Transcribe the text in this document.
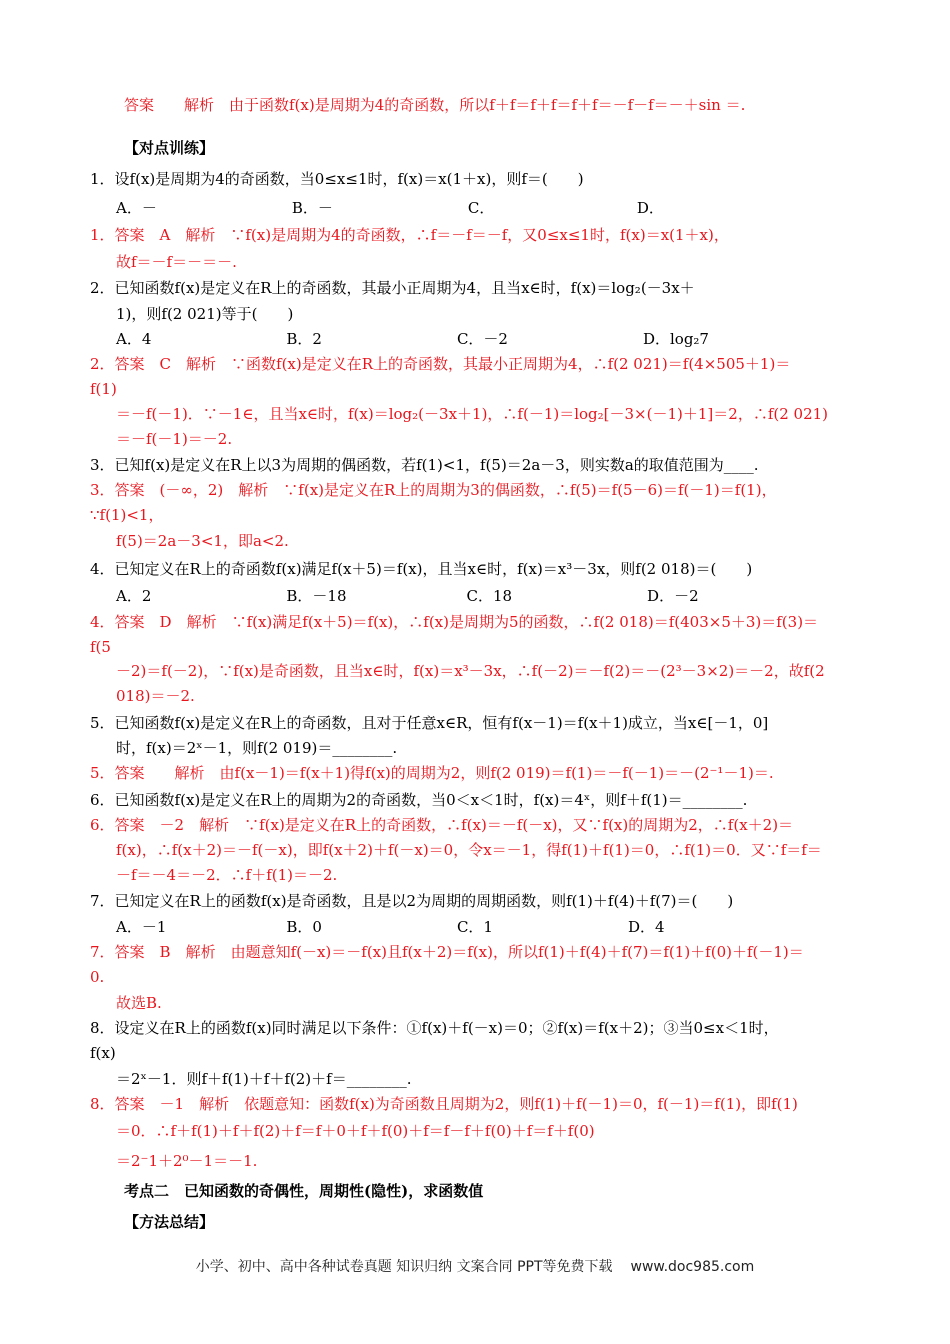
答案　　解析　由于函数f(x)是周期为4的奇函数，所以f＋f＝f＋f＝f＋f＝－f－f＝－＋sin ＝.
【对点训练】
1．设f(x)是周期为4的奇函数，当0≤x≤1时，f(x)＝x(1＋x)，则f＝(　　)
A．－　　　　　　　　　B．－　　　　　　　　　C．　　　　　　　　　　D．
1．答案　A　解析　∵f(x)是周期为4的奇函数，∴f＝－f＝－f，又0≤x≤1时，f(x)＝x(1＋x)，
故f＝－f＝－＝－.
2．已知函数f(x)是定义在R上的奇函数，其最小正周期为4，且当x∈时，f(x)＝log₂(－3x＋
1)，则f(2 021)等于(　　)
A．4　　　　　　　　　B．2　　　　　　　　　C．－2　　　　　　　　　D．log₂7
2．答案　C　解析　∵函数f(x)是定义在R上的奇函数，其最小正周期为4，∴f(2 021)＝f(4×505＋1)＝
f(1)
＝－f(－1)．∵－1∈，且当x∈时，f(x)＝log₂(－3x＋1)，∴f(－1)＝log₂[－3×(－1)＋1]＝2，∴f(2 021)
＝－f(－1)＝－2.
3．已知f(x)是定义在R上以3为周期的偶函数，若f(1)<1，f(5)＝2a－3，则实数a的取值范围为____.
3．答案　(－∞，2)　解析　∵f(x)是定义在R上的周期为3的偶函数，∴f(5)＝f(5－6)＝f(－1)＝f(1)，
∵f(1)<1，
f(5)＝2a－3<1，即a<2.
4．已知定义在R上的奇函数f(x)满足f(x＋5)＝f(x)，且当x∈时，f(x)＝x³－3x，则f(2 018)＝(　　)
A．2　　　　　　　　　B．－18　　　　　　　　C．18　　　　　　　　　D．－2
4．答案　D　解析　∵f(x)满足f(x＋5)＝f(x)，∴f(x)是周期为5的函数，∴f(2 018)＝f(403×5＋3)＝f(3)＝
f(5
－2)＝f(－2)，∵f(x)是奇函数，且当x∈时，f(x)＝x³－3x，∴f(－2)＝－f(2)＝－(2³－3×2)＝－2，故f(2
018)＝－2.
5．已知函数f(x)是定义在R上的奇函数，且对于任意x∈R，恒有f(x－1)＝f(x＋1)成立，当x∈[－1，0]
时，f(x)＝2ˣ－1，则f(2 019)＝________.
5．答案　　解析　由f(x－1)＝f(x＋1)得f(x)的周期为2，则f(2 019)＝f(1)＝－f(－1)＝－(2⁻¹－1)＝.
6．已知函数f(x)是定义在R上的周期为2的奇函数，当0＜x＜1时，f(x)＝4ˣ，则f＋f(1)＝________.
6．答案　－2　解析　∵f(x)是定义在R上的奇函数，∴f(x)＝－f(－x)，又∵f(x)的周期为2，∴f(x＋2)＝
f(x)，∴f(x＋2)＝－f(－x)，即f(x＋2)＋f(－x)＝0，令x＝－1，得f(1)＋f(1)＝0，∴f(1)＝0．又∵f＝f＝
－f＝－4＝－2．∴f＋f(1)＝－2.
7．已知定义在R上的函数f(x)是奇函数，且是以2为周期的周期函数，则f(1)＋f(4)＋f(7)＝(　　)
A．－1　　　　　　　　B．0　　　　　　　　　C．1　　　　　　　　　D．4
7．答案　B　解析　由题意知f(－x)＝－f(x)且f(x＋2)＝f(x)，所以f(1)＋f(4)＋f(7)＝f(1)＋f(0)＋f(－1)＝
0.
故选B.
8．设定义在R上的函数f(x)同时满足以下条件：①f(x)＋f(－x)＝0；②f(x)＝f(x＋2)；③当0≤x＜1时，
f(x)
＝2ˣ－1．则f＋f(1)＋f＋f(2)＋f＝________.
8．答案　－1　解析　依题意知：函数f(x)为奇函数且周期为2，则f(1)＋f(－1)＝0，f(－1)＝f(1)，即f(1)
＝0．∴f＋f(1)＋f＋f(2)＋f＝f＋0＋f＋f(0)＋f＝f－f＋f(0)＋f＝f＋f(0)
＝2⁻1＋2⁰－1＝－1.
考点二　已知函数的奇偶性，周期性(隐性)，求函数值
【方法总结】
小学、初中、高中各种试卷真题 知识归纳 文案合同 PPT等免费下载 www.doc985.com
